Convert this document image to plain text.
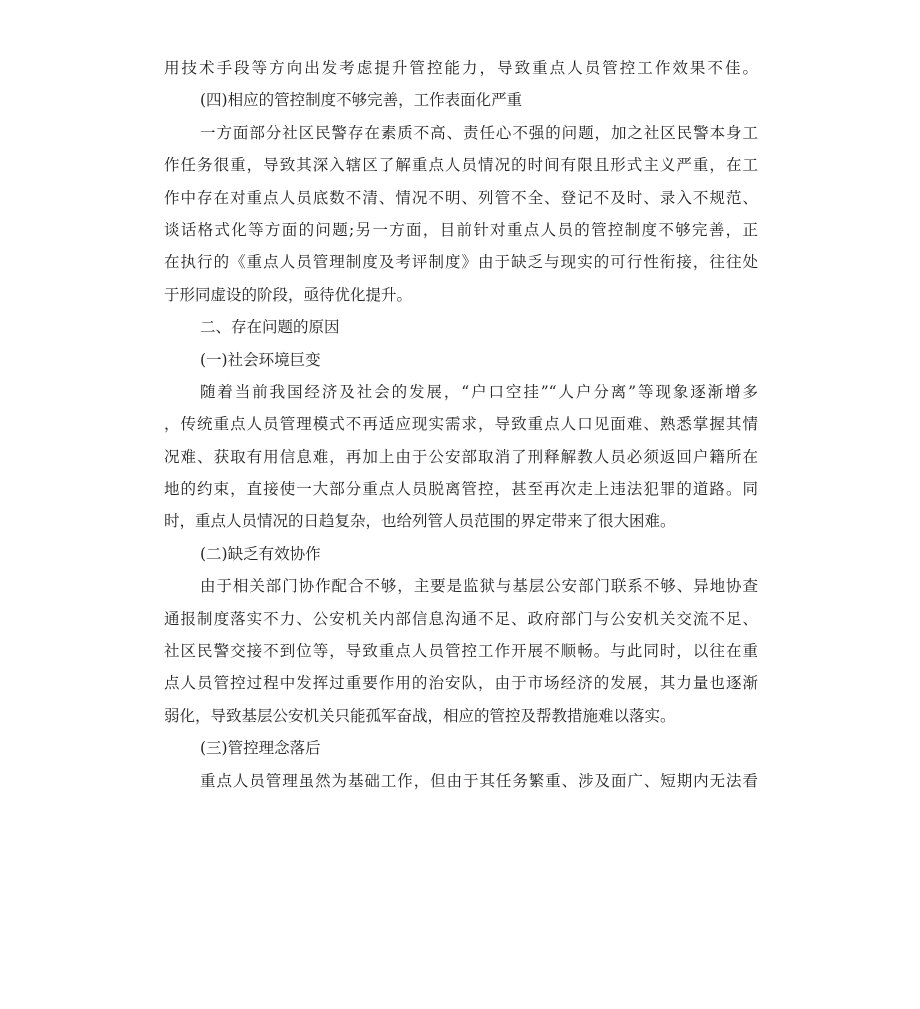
用技术手段等方向出发考虑提升管控能力，导致重点人员管控工作效果不佳。
(四)相应的管控制度不够完善，工作表面化严重
一方面部分社区民警存在素质不高、责任心不强的问题，加之社区民警本身工
作任务很重，导致其深入辖区了解重点人员情况的时间有限且形式主义严重，在工
作中存在对重点人员底数不清、情况不明、列管不全、登记不及时、录入不规范、
谈话格式化等方面的问题;另一方面，目前针对重点人员的管控制度不够完善，正
在执行的《重点人员管理制度及考评制度》由于缺乏与现实的可行性衔接，往往处
于形同虚设的阶段，亟待优化提升。
二、存在问题的原因
(一)社会环境巨变
随着当前我国经济及社会的发展，“户口空挂”“人户分离”等现象逐渐增多
，传统重点人员管理模式不再适应现实需求，导致重点人口见面难、熟悉掌握其情
况难、获取有用信息难，再加上由于公安部取消了刑释解教人员必须返回户籍所在
地的约束，直接使一大部分重点人员脱离管控，甚至再次走上违法犯罪的道路。同
时，重点人员情况的日趋复杂，也给列管人员范围的界定带来了很大困难。
(二)缺乏有效协作
由于相关部门协作配合不够，主要是监狱与基层公安部门联系不够、异地协查
通报制度落实不力、公安机关内部信息沟通不足、政府部门与公安机关交流不足、
社区民警交接不到位等，导致重点人员管控工作开展不顺畅。与此同时，以往在重
点人员管控过程中发挥过重要作用的治安队，由于市场经济的发展，其力量也逐渐
弱化，导致基层公安机关只能孤军奋战，相应的管控及帮教措施难以落实。
(三)管控理念落后
重点人员管理虽然为基础工作，但由于其任务繁重、涉及面广、短期内无法看
